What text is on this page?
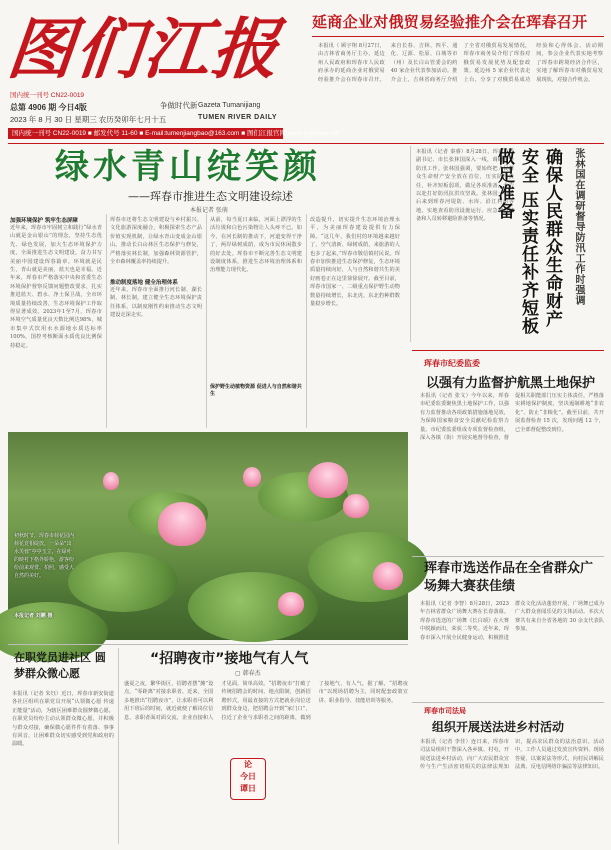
图们江报
总第 4906 期 今日4版
2023 年 8 月 30 日 星期三 农历癸卯年七月十五
争做时代新 Gazeta Tumanijiang
TUMEN RIVER DAILY
国内统一刊号 CN22-0019
国内统一刊号 CN22-0019 ■ 邮发代号 11-60 ■ E-mail:tumenjiangbao@163.com ■ 图们江报官网 www.tmjrwww.net
延商企业对俄贸易经验推介会在珲春召开
本报讯（ 顾宇翔 8月27日，由吉林省商务厅主办，延边州人民政府和珲春市人民政府承办的延商企业对俄贸易经验推介会在珲春市召开。来自长春、吉林、四平、通化、辽源、松原、白城等市（州）及长白山管委会的约 40 家企业代表参加活动。推介会上，吉林省商务厅介绍了全省对俄贸易发展情况，珲春市商务局介绍了珲春对俄贸易发展优势及配套政策。延边州 5 家企业代表走上台，分享了对俄贸易成功经验和心得体会。活动期间，参会企业代表实地考察了珲春市跨境经济合作区，实地了解珲春市对俄贸易发展现状，对接合作机会。
绿水青山绽笑颜
——珲春市推进生态文明建设综述
本报记者 张萌
加强环境保护 筑牢生态屏障
近年来，珲春市牢固树立和践行“绿水青山就是金山银山”的理念，坚持生态优先、绿色发展，加大生态环境保护力度，全面推进生态文明建设，奋力书写美丽中国建设珲春篇章。环境就是民生，青山就是美丽，蓝天也是幸福。近年来，珲春市严格落实中央和省委生态环境保护督察反馈问题整改要求，扎实推进蓝天、碧水、净土保卫战，全市环境质量持续改善，生态环境保护工作取得显著成效。2023年1至7月，珲春市环境空气质量优良天数比例达98%，城市集中式饮用水水源地水质达标率100%，国控考核断面水质优良比例保持稳定。
珲春市还将生态文明建设与乡村振兴、文化旅游深度融合，积极探索生态产品价值实现机制，让绿水青山变成金山银山。推动长白山林区生态保护与修复，严格落实林长制，加强森林资源管护，全市森林覆盖率持续提升。
推动制度落地 健全治理体系
近年来，珲春市全面推行河长制、湖长制、林长制，建立健全生态环境保护责任体系，以制度刚性约束推动生态文明建设走深走实。
从前，每当夏日来临，河面上漂浮的生活垃圾和白色污染物让人头疼不已。如今，在河长制的推动下，河道变得干净了，两岸绿树成荫，成为市民休闲散步的好去处。珲春市不断完善生态文明建设制度体系，推进生态环境治理体系和治理能力现代化。
保护野生动植物资源 促进人与自然和谐共生
改造提升，切实提升生态环境治理水平，为美丽珲春建设提供有力保障。“这几年，我们村的环境越来越好了，空气清新、绿树成荫，来旅游的人也多了起来。”珲春市敬信镇村民说。珲春市加快推进生态保护修复，生态环境质量持续向好，人与自然和谐共生的美好画卷正在这里徐徐展开。截至目前，珲春市国家一、二级重点保护野生动物数量持续增长，东北虎、东北豹种群数量稳步增长。
初秋时节，珲春市荷花园内荷花竞相绽放，一朵朵“出水芙蓉”亭亭玉立，在绿叶的映衬下格外娇艳，游客纷纷前来观赏、拍照，感受大自然的美好。
本报记者 刘鹏 摄
本报讯（记者 秦睿）8月28日，珲春市委副书记、市长张林国深入一线，调研督导防汛工作。张林国强调，要始终把人民群众生命财产安全放在首位，压实防汛责任，补齐短板弱项，做足各项准备，全力以赴打好防汛抗洪攻坚战。张林国一行先后来到珲春河堤防、水库、沿江村屯等地，实地查看防汛设施运行、应急物资储备和人员转移避险准备等情况。	确保人民群众生命财产安全 压实责任补齐短板做足准备	张林国在调研督导防汛工作时强调
珲春市纪委监委
以强有力监督护航黑土地保护
本报讯（记者 张文）今年以来，珲春市纪委监委聚焦黑土地保护工作，以强有力监督推动各项政策措施落地见效，为保障国家粮食安全贡献纪检监察力量。市纪委监委组成专项监督检查组，深入各镇（街）开展实地督导检查，督促相关职能部门压实主体责任，严格落实耕地保护制度，坚决遏制耕地“非农化”、防止“非粮化”。截至目前，共开展监督检查 15 次，发现问题 12 个，已全部督促整改到位。
珲春市选送作品在全省群众广场舞大赛获佳绩
本报讯（记者 李智）8月28日，2023年吉林省群众广场舞大赛在长春落幕。珲春市选送的广场舞《长白颂》在大赛中脱颖而出，荣获二等奖。近年来，珲春市深入开展全民健身运动，积极推进群众文化活动蓬勃开展，广场舞已成为广大群众喜闻乐见的文体活动。本次大赛共有来自全省各地的 30 余支代表队参加。
珲春市司法局
组织开展送法进乡村活动
本报讯（记者 李佳）连日来，珲春市司法局组织干警深入各乡镇、村屯，开展送法进乡村活动，向广大农民群众宣传与生产生活密切相关的法律法规知识，提高农民群众的法治意识。活动中，工作人员通过发放宣传资料、现场答疑、以案说法等形式，向村民讲解民法典、反电信网络诈骗法等法律知识。
在职党员进社区 圆梦群众微心愿
本报讯（记者 朱钰）近日，珲春市新安街道各社区组织在职党员开展“认领微心愿 传递正能量”活动，为辖区困难群众圆梦微心愿。在职党员纷纷主动认领群众微心愿，并积极与群众对接，确保微心愿件件有着落、事事有回音，让困难群众切实感受到党和政府的温暖。
“招聘夜市”接地气有人气
▢ 韩春杰
盛夏之夜，繁华街区，招聘者摆“摊”设点，“零距离”对接求职者。近来，全国多地推出“招聘夜市”，让求职者可以利用下班后的时间，就近就便了解岗位信息，求职者面对面交流，企业直接和人才见面，简单高效。“招聘夜市”打破了传统招聘会的时间、地点限制，创新招聘形式，用最直接的方式把就业岗位送到群众身边，把招聘会开到“家门口”，拉近了企业与求职者之间的距离，做到了接地气、有人气。据了解，“招聘夜市”以现场招聘为主，同时配套政策宣讲、职业指导、技能培训等服务。
论
今日
谭日
